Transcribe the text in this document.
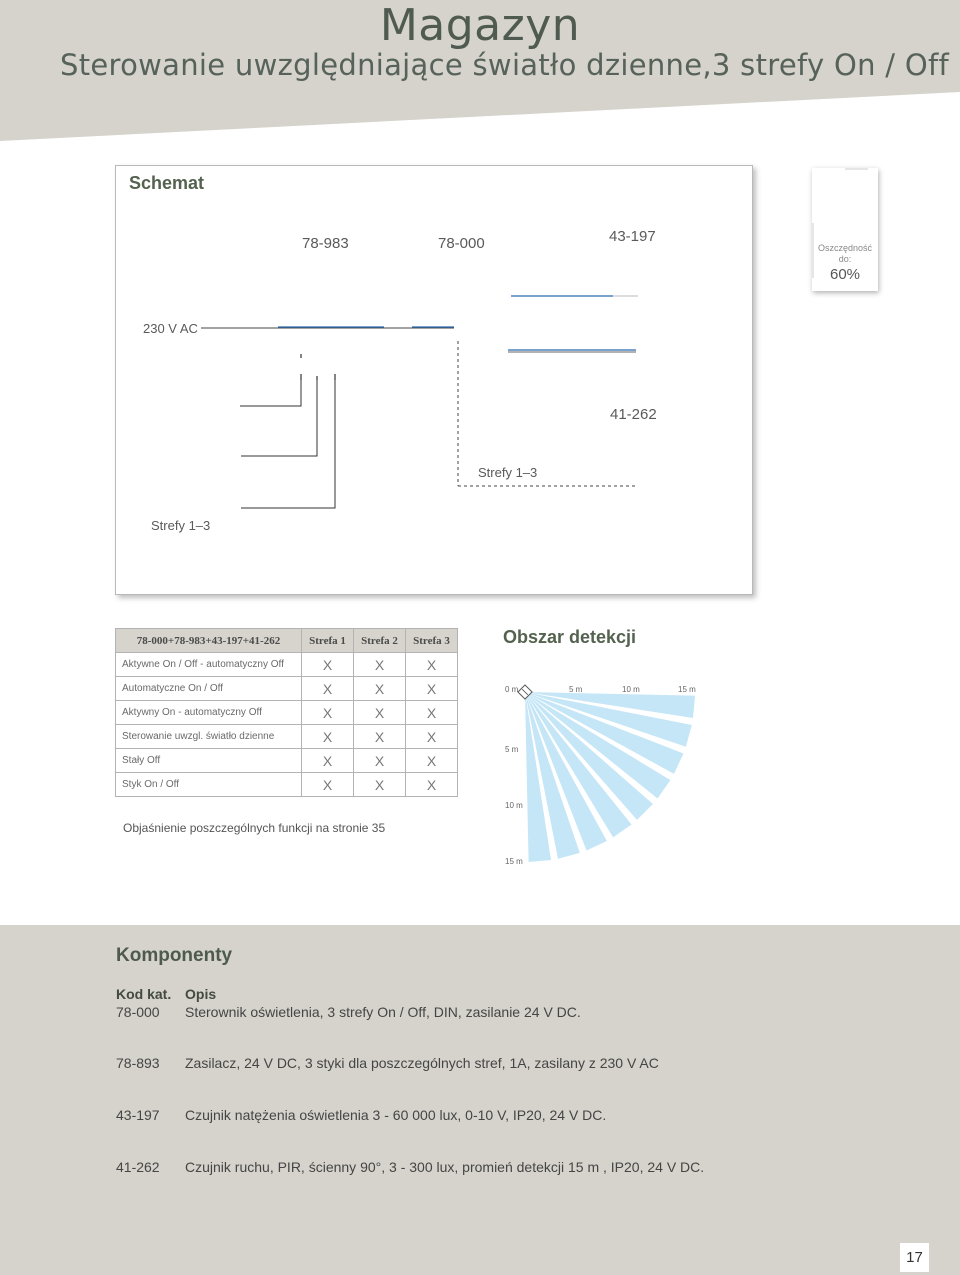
Magazyn
Sterowanie uwzględniające światło dzienne,3 strefy On / Off
Schemat
78-983	78-000	43-197
230 V AC
41-262
Strefy 1–3
Strefy 1–3
Oszczędność do:
60%
78-000+78-983+43-197+41-262	Strefa 1	Strefa 2	Strefa 3
Aktywne On / Off - automatyczny Off	X	X	X
Automatyczne On / Off	X	X	X
Aktywny On - automatyczny Off	X	X	X
Sterowanie uwzgl. światło dzienne	X	X	X
Stały Off	X	X	X
Styk On / Off	X	X	X
Objaśnienie poszczególnych funkcji na stronie 35
Obszar detekcji
0 m	5 m	10 m	15 m
5 m
10 m
15 m
Komponenty
Kod kat. Opis
78-000 Sterownik oświetlenia, 3 strefy On / Off, DIN, zasilanie 24 V DC.
78-893 Zasilacz, 24 V DC, 3 styki dla poszczególnych stref, 1A, zasilany z 230 V AC
43-197 Czujnik natężenia oświetlenia 3 - 60 000 lux, 0-10 V, IP20, 24 V DC.
41-262 Czujnik ruchu, PIR, ścienny 90°, 3 - 300 lux, promień detekcji 15 m , IP20, 24 V DC.
17
